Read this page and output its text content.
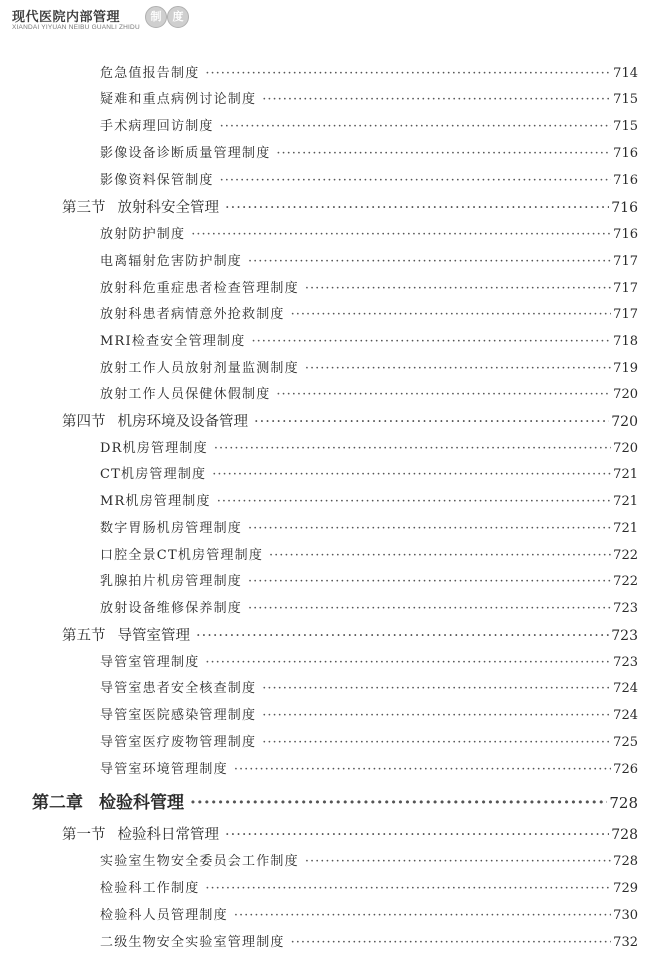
现代医院内部管理
XIANDAI YIYUAN NEIBU GUANLI ZHIDU
制	度
危急值报告制度 ·····	714
疑难和重点病例讨论制度 ·····	715
手术病理回访制度 ·····	715
影像设备诊断质量管理制度 ·····	716
影像资料保管制度 ·····	716
第三节 放射科安全管理 ·····	716
放射防护制度 ·····	716
电离辐射危害防护制度 ·····	717
放射科危重症患者检查管理制度 ·····	717
放射科患者病情意外抢救制度 ·····	717
MRI检查安全管理制度 ·····	718
放射工作人员放射剂量监测制度 ·····	719
放射工作人员保健休假制度 ·····	720
第四节 机房环境及设备管理 ·····	720
DR机房管理制度 ·····	720
CT机房管理制度 ·····	721
MR机房管理制度 ·····	721
数字胃肠机房管理制度 ·····	721
口腔全景CT机房管理制度 ·····	722
乳腺拍片机房管理制度 ·····	722
放射设备维修保养制度 ·····	723
第五节 导管室管理 ·····	723
导管室管理制度 ·····	723
导管室患者安全核查制度 ·····	724
导管室医院感染管理制度 ·····	724
导管室医疗废物管理制度 ·····	725
导管室环境管理制度 ·····	726
第二章 检验科管理 ·····	728
第一节 检验科日常管理 ·····	728
实验室生物安全委员会工作制度 ·····	728
检验科工作制度 ·····	729
检验科人员管理制度 ·····	730
二级生物安全实验室管理制度 ·····	732
